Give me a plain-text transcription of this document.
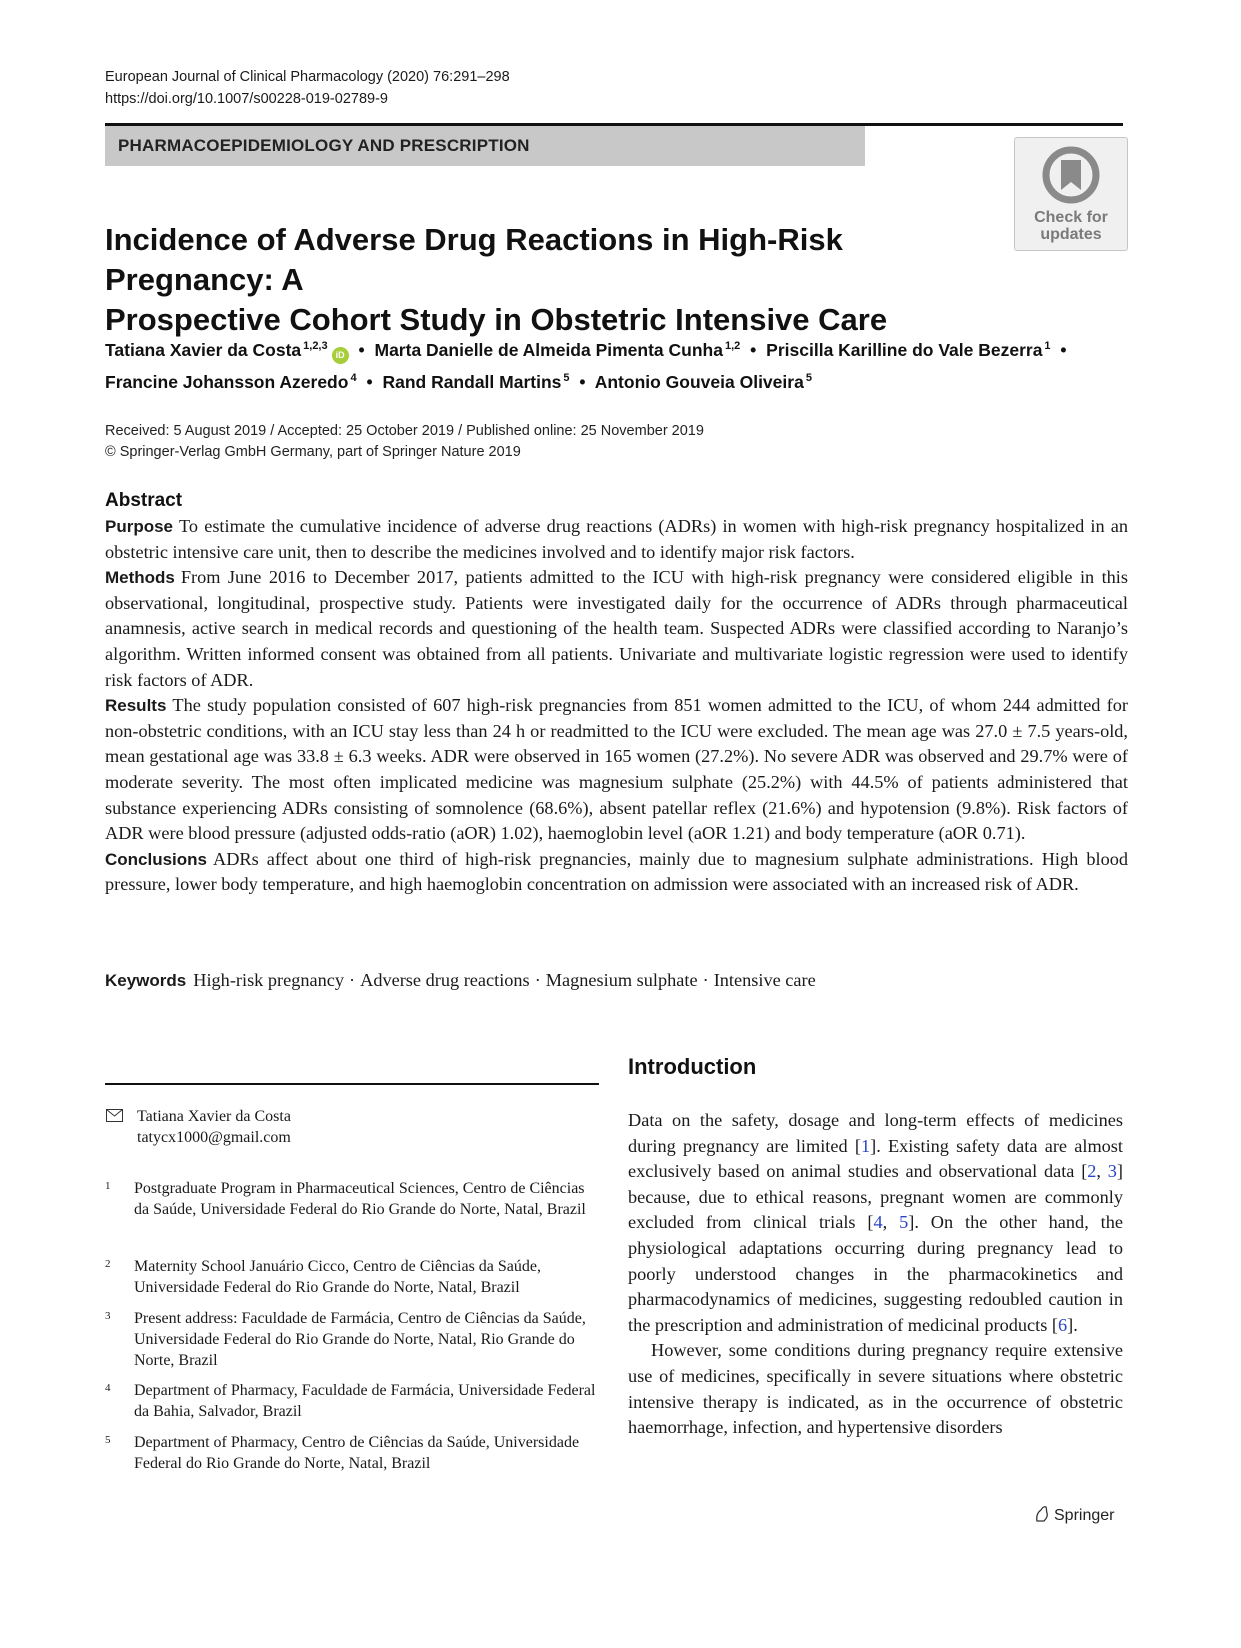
European Journal of Clinical Pharmacology (2020) 76:291–298
https://doi.org/10.1007/s00228-019-02789-9
PHARMACOEPIDEMIOLOGY AND PRESCRIPTION
Check for
updates
Incidence of Adverse Drug Reactions in High-Risk Pregnancy: A
Prospective Cohort Study in Obstetric Intensive Care
Tatiana Xavier da Costa $^{1,2,3}$iD • Marta Danielle de Almeida Pimenta Cunha $^{1,2}$ • Priscilla Karilline do Vale Bezerra $^1$ •
Francine Johansson Azeredo $^4$ • Rand Randall Martins $^5$ • Antonio Gouveia Oliveira $^5$
Received: 5 August 2019 / Accepted: 25 October 2019 / Published online: 25 November 2019
© Springer-Verlag GmbH Germany, part of Springer Nature 2019
Abstract

Purpose To estimate the cumulative incidence of adverse drug reactions (ADRs) in women with high-risk pregnancy hospitalized in an obstetric intensive care unit, then to describe the medicines involved and to identify major risk factors.

Methods From June 2016 to December 2017, patients admitted to the ICU with high-risk pregnancy were considered eligible in this observational, longitudinal, prospective study. Patients were investigated daily for the occurrence of ADRs through pharmaceutical anamnesis, active search in medical records and questioning of the health team. Suspected ADRs were classified according to Naranjo’s algorithm. Written informed consent was obtained from all patients. Univariate and multivariate logistic regression were used to identify risk factors of ADR.

Results The study population consisted of 607 high-risk pregnancies from 851 women admitted to the ICU, of whom 244 admitted for non-obstetric conditions, with an ICU stay less than 24 h or readmitted to the ICU were excluded. The mean age was 27.0 ± 7.5 years-old, mean gestational age was 33.8 ± 6.3 weeks. ADR were observed in 165 women (27.2%). No severe ADR was observed and 29.7% were of moderate severity. The most often implicated medicine was magnesium sulphate (25.2%) with 44.5% of patients administered that substance experiencing ADRs consisting of somnolence (68.6%), absent patellar reflex (21.6%) and hypotension (9.8%). Risk factors of ADR were blood pressure (adjusted odds-ratio (aOR) 1.02), haemoglobin level (aOR 1.21) and body temperature (aOR 0.71).

Conclusions ADRs affect about one third of high-risk pregnancies, mainly due to magnesium sulphate administrations. High blood pressure, lower body temperature, and high haemoglobin concentration on admission were associated with an increased risk of ADR.

Keywords High-risk pregnancy · Adverse drug reactions · Magnesium sulphate · Intensive care
Tatiana Xavier da Costa
tatycx1000@gmail.com
1 Postgraduate Program in Pharmaceutical Sciences, Centro de Ciências da Saúde, Universidade Federal do Rio Grande do Norte, Natal, Brazil
2 Maternity School Januário Cicco, Centro de Ciências da Saúde, Universidade Federal do Rio Grande do Norte, Natal, Brazil
3 Present address: Faculdade de Farmácia, Centro de Ciências da Saúde, Universidade Federal do Rio Grande do Norte, Natal, Rio Grande do Norte, Brazil
4 Department of Pharmacy, Faculdade de Farmácia, Universidade Federal da Bahia, Salvador, Brazil
5 Department of Pharmacy, Centro de Ciências da Saúde, Universidade Federal do Rio Grande do Norte, Natal, Brazil
Introduction

Data on the safety, dosage and long-term effects of medicines during pregnancy are limited [1]. Existing safety data are almost exclusively based on animal studies and observational data [2, 3] because, due to ethical reasons, pregnant women are commonly excluded from clinical trials [4, 5]. On the other hand, the physiological adaptations occurring during pregnancy lead to poorly understood changes in the pharmacokinetics and pharmacodynamics of medicines, suggesting redoubled caution in the prescription and administration of medicinal products [6].

However, some conditions during pregnancy require extensive use of medicines, specifically in severe situations where obstetric intensive therapy is indicated, as in the occurrence of obstetric haemorrhage, infection, and hypertensive disorders

Springer
